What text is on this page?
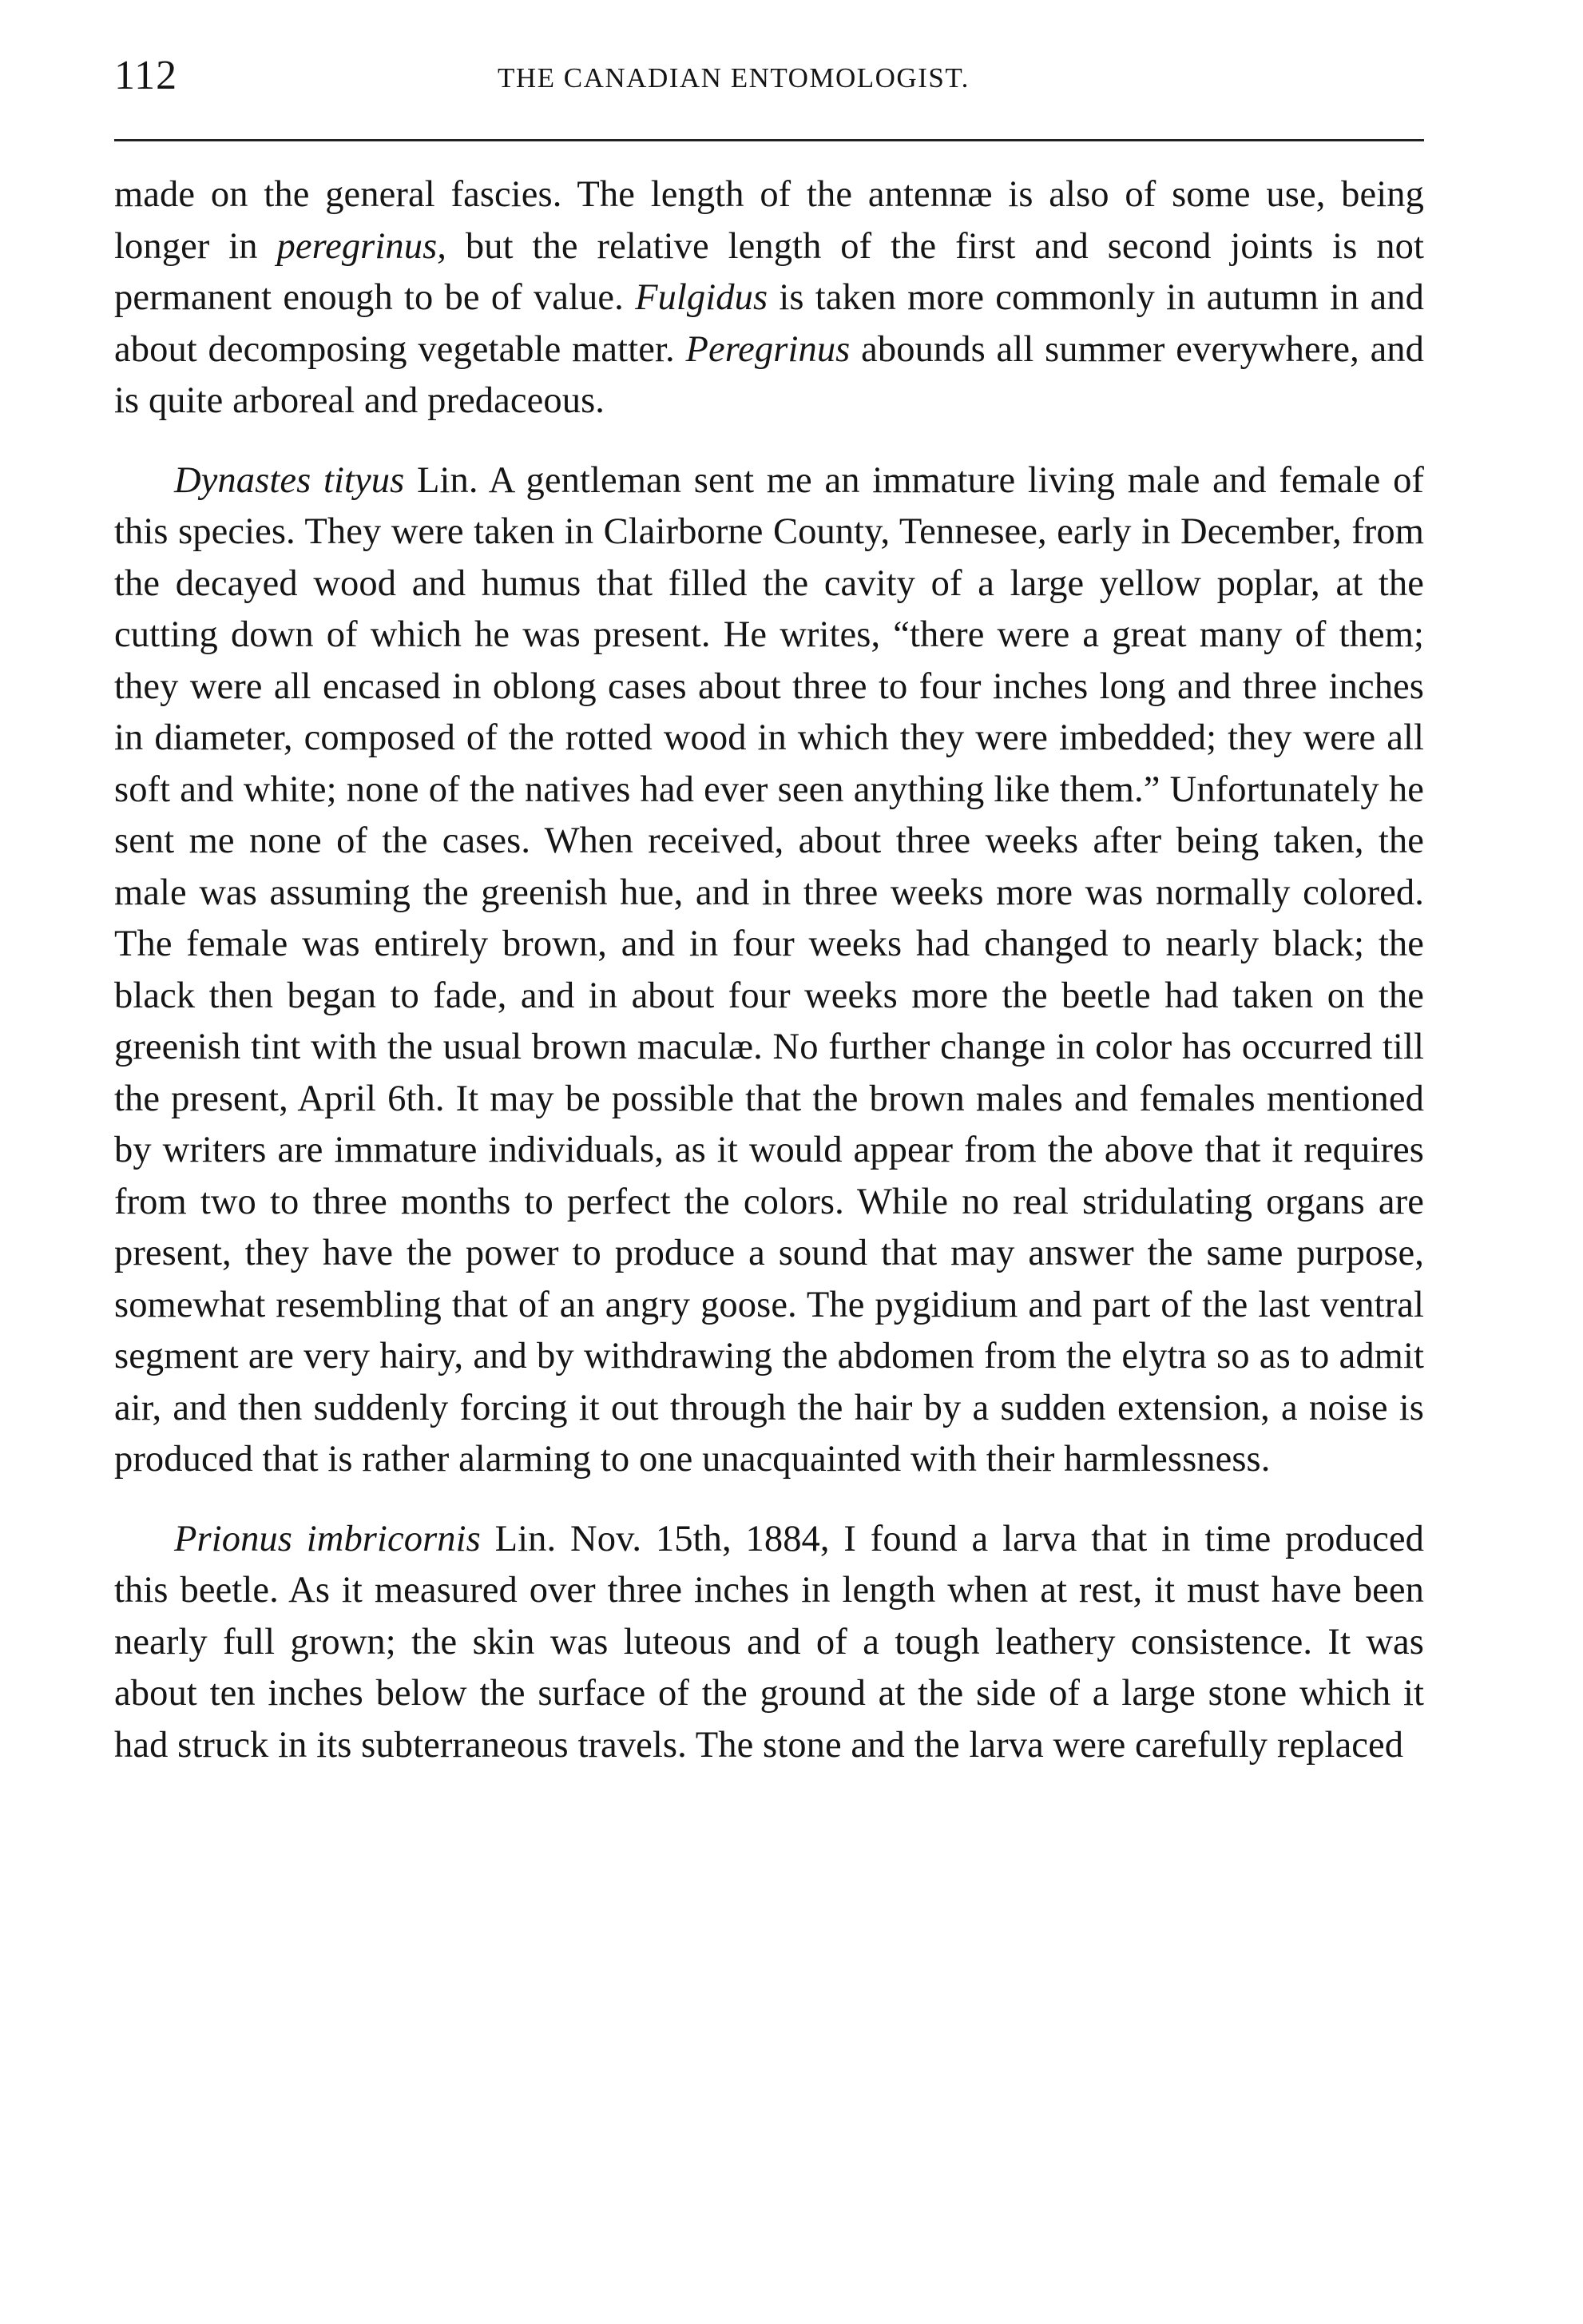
112	THE CANADIAN ENTOMOLOGIST.

made on the general fascies. The length of the antennæ is also of some use, being longer in peregrinus, but the relative length of the first and second joints is not permanent enough to be of value. Fulgidus is taken more commonly in autumn in and about decomposing vegetable matter. Peregrinus abounds all summer everywhere, and is quite arboreal and predaceous.

Dynastes tityus Lin. A gentleman sent me an immature living male and female of this species. They were taken in Clairborne County, Tennesee, early in December, from the decayed wood and humus that filled the cavity of a large yellow poplar, at the cutting down of which he was present. He writes, “there were a great many of them; they were all encased in oblong cases about three to four inches long and three inches in diameter, composed of the rotted wood in which they were imbedded; they were all soft and white; none of the natives had ever seen anything like them.” Unfortunately he sent me none of the cases. When received, about three weeks after being taken, the male was assuming the greenish hue, and in three weeks more was normally colored. The female was entirely brown, and in four weeks had changed to nearly black; the black then began to fade, and in about four weeks more the beetle had taken on the greenish tint with the usual brown maculæ. No further change in color has occurred till the present, April 6th. It may be possible that the brown males and females mentioned by writers are immature individuals, as it would appear from the above that it requires from two to three months to perfect the colors. While no real stridulating organs are present, they have the power to produce a sound that may answer the same purpose, somewhat resembling that of an angry goose. The pygidium and part of the last ventral segment are very hairy, and by withdrawing the abdomen from the elytra so as to admit air, and then suddenly forcing it out through the hair by a sudden extension, a noise is produced that is rather alarming to one unacquainted with their harmlessness.

Prionus imbricornis Lin. Nov. 15th, 1884, I found a larva that in time produced this beetle. As it measured over three inches in length when at rest, it must have been nearly full grown; the skin was luteous and of a tough leathery consistence. It was about ten inches below the surface of the ground at the side of a large stone which it had struck in its subterraneous travels. The stone and the larva were carefully replaced
